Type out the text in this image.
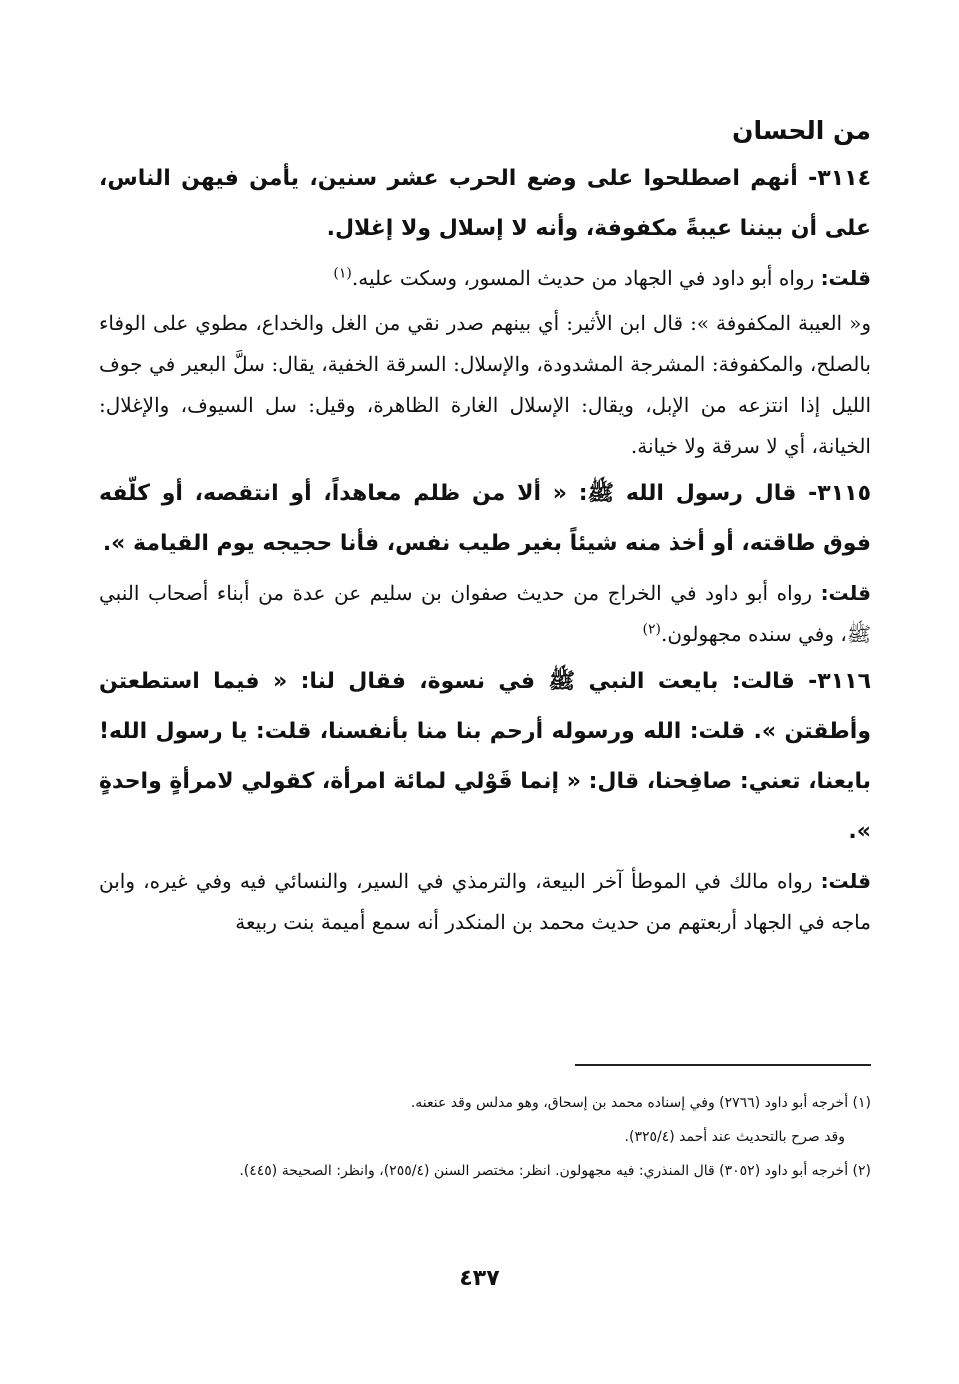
من الحسان

٣١١٤- أنهم اصطلحوا على وضع الحرب عشر سنين، يأمن فيهن الناس، على أن بيننا عيبةً مكفوفة، وأنه لا إسلال ولا إغلال.

قلت: رواه أبو داود في الجهاد من حديث المسور، وسكت عليه.$^{(١)}$

و« العيبة المكفوفة »: قال ابن الأثير: أي بينهم صدر نقي من الغل والخداع، مطوي على الوفاء بالصلح، والمكفوفة: المشرجة المشدودة، والإسلال: السرقة الخفية، يقال: سلَّ البعير في جوف الليل إذا انتزعه من الإبل، ويقال: الإسلال الغارة الظاهرة، وقيل: سل السيوف، والإغلال: الخيانة، أي لا سرقة ولا خيانة.

٣١١٥- قال رسول الله ﷺ: « ألا من ظلم معاهداً، أو انتقصه، أو كلّفه فوق طاقته، أو أخذ منه شيئاً بغير طيب نفس، فأنا حجيجه يوم القيامة ».

قلت: رواه أبو داود في الخراج من حديث صفوان بن سليم عن عدة من أبناء أصحاب النبي ﷺ، وفي سنده مجهولون.$^{(٢)}$

٣١١٦- قالت: بايعت النبي ﷺ في نسوة، فقال لنا: « فيما استطعتن وأطقتن ». قلت: الله ورسوله أرحم بنا منا بأنفسنا، قلت: يا رسول الله! بايعنا، تعني: صافِحنا، قال: « إنما قَوْلي لمائة امرأة، كقولي لامرأةٍ واحدةٍ ».

قلت: رواه مالك في الموطأ آخر البيعة، والترمذي في السير، والنسائي فيه وفي غيره، وابن ماجه في الجهاد أربعتهم من حديث محمد بن المنكدر أنه سمع أميمة بنت ربيعة

(١) أخرجه أبو داود (٢٧٦٦) وفي إسناده محمد بن إسحاق، وهو مدلس وقد عنعنه.

وقد صرح بالتحديث عند أحمد (٣٢٥/٤).

(٢) أخرجه أبو داود (٣٠٥٢) قال المنذري: فيه مجهولون. انظر: مختصر السنن (٢٥٥/٤)، وانظر: الصحيحة (٤٤٥).

٤٣٧
